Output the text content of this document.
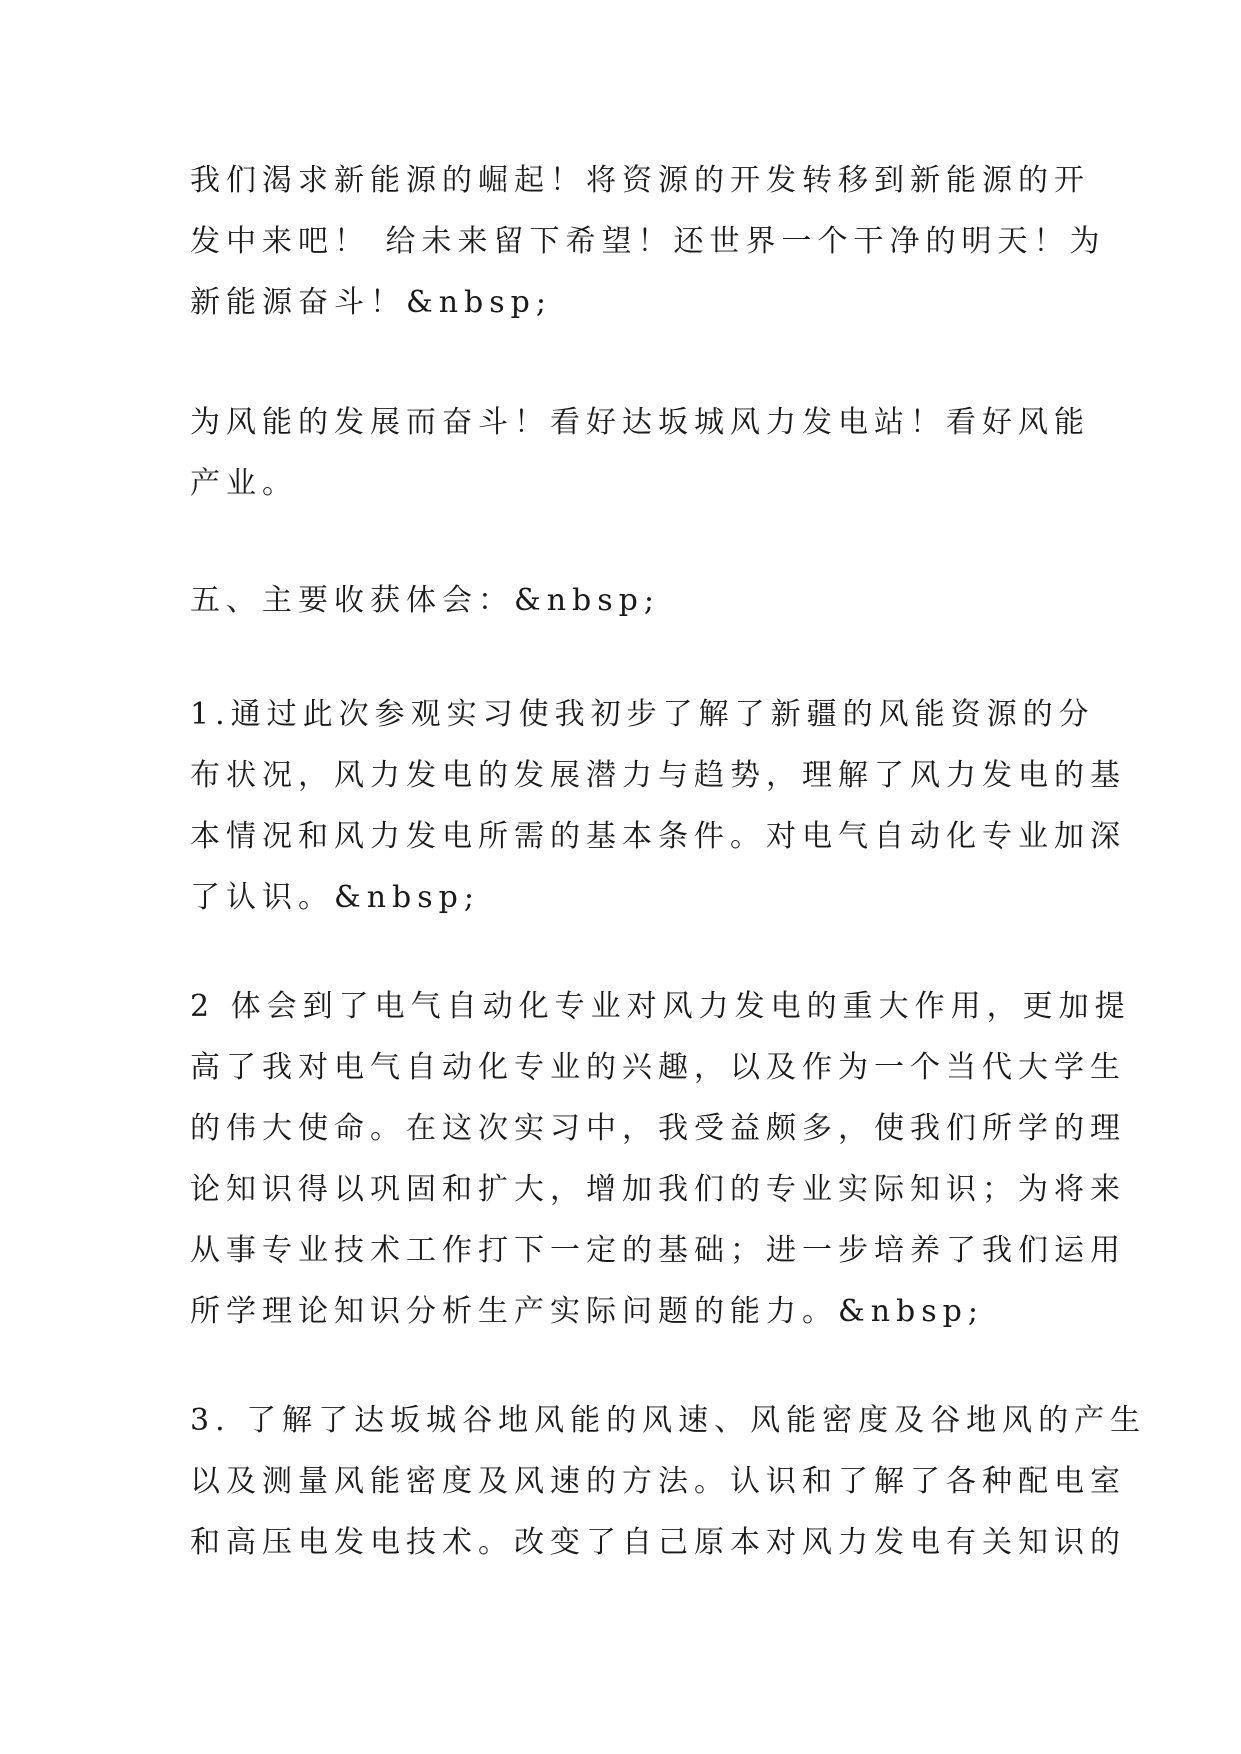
我们渴求新能源的崛起！将资源的开发转移到新能源的开
发中来吧！ 给未来留下希望！还世界一个干净的明天！为
新能源奋斗！&nbsp;
为风能的发展而奋斗！看好达坂城风力发电站！看好风能
产业。
五、主要收获体会：&nbsp;
1.通过此次参观实习使我初步了解了新疆的风能资源的分
布状况，风力发电的发展潜力与趋势，理解了风力发电的基
本情况和风力发电所需的基本条件。对电气自动化专业加深
了认识。&nbsp;
2 体会到了电气自动化专业对风力发电的重大作用，更加提
高了我对电气自动化专业的兴趣，以及作为一个当代大学生
的伟大使命。在这次实习中，我受益颇多，使我们所学的理
论知识得以巩固和扩大，增加我们的专业实际知识；为将来
从事专业技术工作打下一定的基础；进一步培养了我们运用
所学理论知识分析生产实际问题的能力。&nbsp;
3. 了解了达坂城谷地风能的风速、风能密度及谷地风的产生
以及测量风能密度及风速的方法。认识和了解了各种配电室
和高压电发电技术。改变了自己原本对风力发电有关知识的
